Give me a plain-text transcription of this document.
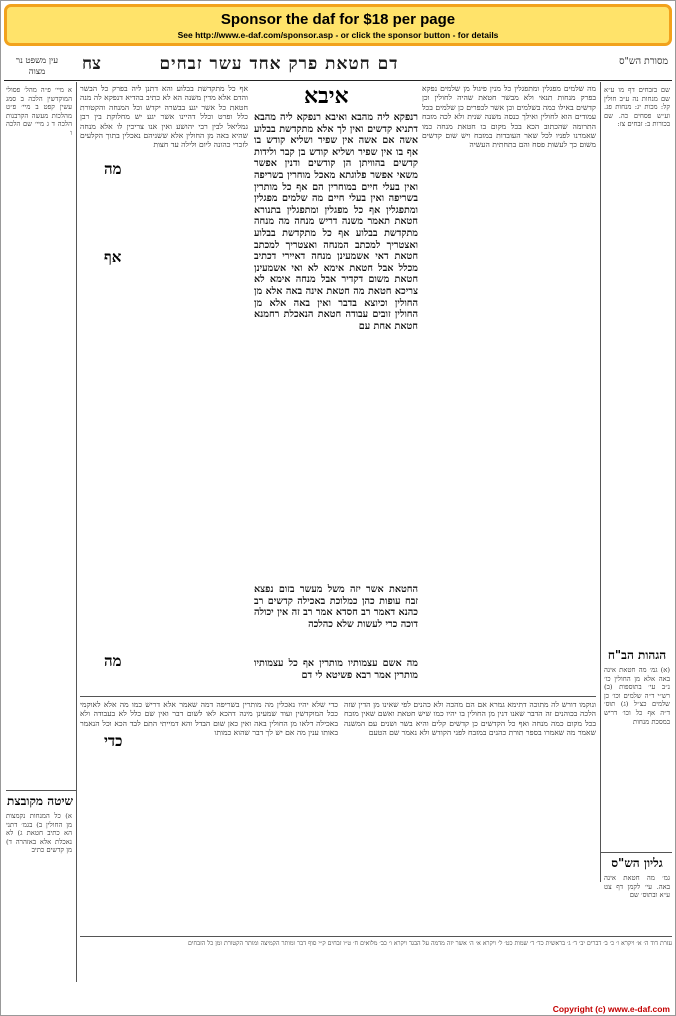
Sponsor the daf for $18 per page
See http://www.e-daf.com/sponsor.asp - or click the sponsor button - for details
עין משפט נר מצוה	צח	דם חטאת פרק אחד עשר זבחים	מסורת הש"ס
שם בזבחים דף מו ע״א שם מנחות נה ע״ב חולין קל: מכות יג: מנחות פג. וע״ש פסחים כה. שם בכורות ב: זבחים צז:
א מיי׳ פ״ה מהל׳ פסולי המוקדשין הלכה ב סמג עשין קפט ב מיי׳ פ״ט מהלכות מעשה הקרבנות הלכה ד ג מיי׳ שם הלכה ו
מה שלמים מפגלין ומתפגלין כל מנין פיגול מן שלמים נפקא בפרק מנחות תנאי ולא מבשר חטאת שהיה לחולין וכן קדשים באילו כמה בשלמים וכן אשר לכפרים כן שלמים בכל עמודים הוא לחולין ואילך כנסה משנה שנית ולא לכה מזבח התרומה שהכתוב הכא בכל מקום בו חטאת מנחה כמו שאמרנו לפניו לכל שאר העובדות במזבח ויש שום קדשים משום כך לעשות פסח והם בתחתית העשיה
אף כל מתקדשת בבלוע והא דתנן ליה בפרק כל הבשר והדם אלא מדין משנה הא לא כתיב בהדיא דנפקא לה מנה חטאת כל אשר יגע בבשרה יקדש וכל המנחה והקטורת כלל ופרט וכלל דהיינו אשר יגע יש מחלוקת בין רבן גמליאל לבין רבי יהושע ואין אנו צריכין לו אלא מנחה שהיא באה מן החולין אלא ששניהם נאכלין בתוך הקלעים לזכרי כהונה ליום ולילה עד חצות
איבא
רנפקא ליה מהבא ואיבא רנפקא ליה מהבא דתניא קדשים ואין לך אלא מתקדשת בבלוע אשה אם אשה אין שפיר ושליא קודש בו אף בו אין שפיר ושליא קודש בן קבר ולידות קדשים בהוויתן הן קודשים ודנין אפשר משאי אפשר פלוגתא מאכל מוחרין בשריפה ואין בעלי חיים במוחרין הם אף כל מותרין בשריפה ואין בעלי חיים מה שלמים מפגלין ומתפגלין אף כל מפגלין ומתפגלין בתנורא חטאת תאמר משנה דריש מנחה מה מנחה מתקדשת בבלוע אף כל מתקדשת בבלוע ואצטריך למכתב המנחה ואצטריך למכתב חטאת דאי אשמעינן מנחה דאיירי דכתיב מכלל אבל חטאת אימא לא ואי אשמעינן חטאת משום דקדיר אבל מנחה אימא לא צריכא חטאת מה חטאת אינה באה אלא מן החולין וכיוצא בדבר ואין באה אלא מן החולין זובים עבודה חטאת הנאכלת רחמנא חטאת אחת עם
החטאת אשר יזה משל מעשר בזום נפצא זבח עופות כהן כמלוכת באכילה קדשים רב כהנא דאמר רב חסדא אמר רב זה אין יכולה דוכה כרי לעשות שלא כהלכה
מה אשם עצמותיו מותרין אף כל עצמותיו מותרין אמר רבא פשיטא לי דם
מה
אף
מה
כדי
ונוקמו דורש לה מתוכה דתימא גמרא אם הם מהכה ולא כהנים לפי שאינו מן הדין שזה הלכה בכוהנים זה הדבר שאנו דנין מן החולין בו יהיו כמו שיש חטאת ואשם שאין מזבח בכל מקום כמה מנחה ואף כל הקדשים כן קדשים קלים והיא בשר ושנים עם המשנה שאמר מה שאמרו בספר תורת כהנים במזבח לפני הקודש ולא נאמר שם הטעם
כדי שלא יהיו נאכלין מה מותרין בשריפה דמה שאמר אלא דריש כמו מה אלא לאוקמי ככל המוקדשין ועוד שמעינן מינה דהכא לאו לשום דבר ואין שם כלל לא בעבודה ולא באכילה דלאו מן החולין באה ואין כאן שום הבדל והא דמייתי התם לבד הכא וכל הנאמר באותו ענין מה אם יש לך דבר שהוא כמותו
הגהות הב"ח
(א) גמ׳ מה חטאת אינה באה אלא מן החולין כו׳ נ״ב עי׳ בתוספות (ב) רש״י ד״ה שלמים וכו׳ כן שלמים כצ״ל (ג) תוס׳ ד״ה אף כל וכו׳ דריש במסכת מנחות
גליון הש"ס
גמ׳ מה חטאת אינה באה. עי׳ לקמן דף צט ע״א ובתוס׳ שם
שיטה מקובצת
א) כל המנחות נקמצות מן החולין ב) בגמ׳ דתני הא כתיב חטאת ג) לא נאכלת אלא באזהרה ד) מן קדשים כתיב
עזרת דוד ה׳ א׳ ויקרא ו׳ כ׳ ב׳ דברים יב׳ ד׳ ג׳ בראשית כד׳ ד׳ שמות כט׳ ל׳ ויקרא א׳ ה׳ אשר יזה מדמה על הבגד ויקרא ו׳ כב׳ מלואים ח׳ ט״ו זבחים ק״י סוף דבר ומותר הקמיצה ומותר הקטורת ומן כל הזבחים
Copyright (c) www.e-daf.com
